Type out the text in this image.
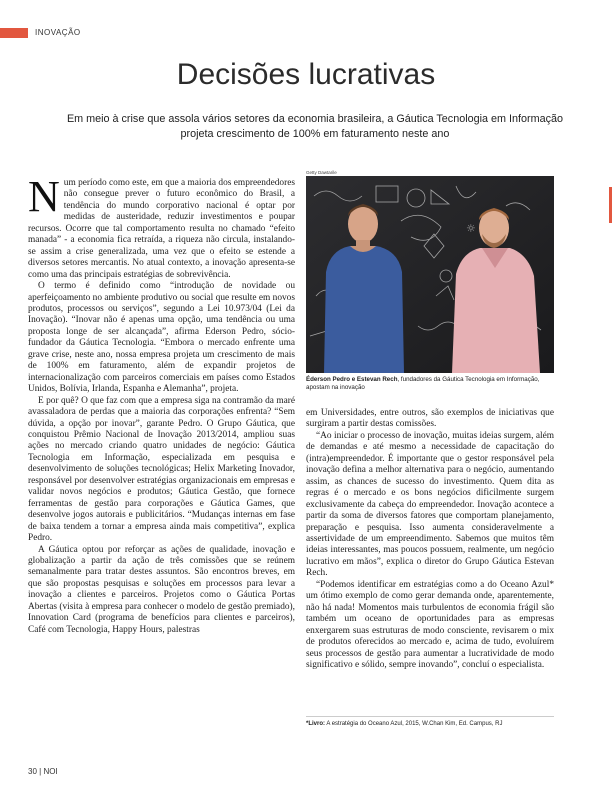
INOVAÇÃO
Decisões lucrativas

Em meio à crise que assola vários setores da economia brasileira, a Gáutica Tecnologia em Informação projeta crescimento de 100% em faturamento neste ano

Num período como este, em que a maioria dos empreendedores não consegue prever o futuro econômico do Brasil, a tendência do mundo corporativo nacional é optar por medidas de austeridade, reduzir investimentos e poupar recursos. Ocorre que tal comportamento resulta no chamado “efeito manada” - a economia fica retraída, a riqueza não circula, instalando-se assim a crise generalizada, uma vez que o efeito se estende a diversos setores mercantis. No atual contexto, a inovação apresenta-se como uma das principais estratégias de sobrevivência.

O termo é definido como “introdução de novidade ou aperfeiçoamento no ambiente produtivo ou social que resulte em novos produtos, processos ou serviços”, segundo a Lei 10.973/04 (Lei da Inovação). “Inovar não é apenas uma opção, uma tendência ou uma proposta longe de ser alcançada”, afirma Ederson Pedro, sócio-fundador da Gáutica Tecnologia. “Embora o mercado enfrente uma grave crise, neste ano, nossa empresa projeta um crescimento de mais de 100% em faturamento, além de expandir projetos de internacionalização com parceiros comerciais em países como Estados Unidos, Bolívia, Irlanda, Espanha e Alemanha”, projeta.

E por quê? O que faz com que a empresa siga na contramão da maré avassaladora de perdas que a maioria das corporações enfrenta? “Sem dúvida, a opção por inovar”, garante Pedro. O Grupo Gáutica, que conquistou Prêmio Nacional de Inovação 2013/2014, ampliou suas ações no mercado criando quatro unidades de negócio: Gáutica Tecnologia em Informação, especializada em pesquisa e desenvolvimento de soluções tecnológicas; Helix Marketing Inovador, responsável por desenvolver estratégias organizacionais em empresas e validar novos negócios e produtos; Gáutica Gestão, que fornece ferramentas de gestão para corporações e Gáutica Games, que desenvolve jogos autorais e publicitários. “Mudanças internas em fase de baixa tendem a tornar a empresa ainda mais competitiva”, explica Pedro.

A Gáutica optou por reforçar as ações de qualidade, inovação e globalização a partir da ação de três comissões que se reúnem semanalmente para tratar destes assuntos. São encontros breves, em que são propostas pesquisas e soluções em processos para levar a inovação a clientes e parceiros. Projetos como o Gáutica Portas Abertas (visita à empresa para conhecer o modelo de gestão premiado), Innovation Card (programa de benefícios para clientes e parceiros), Café com Tecnologia, Happy Hours, palestras

Getty Dawtarile
☼
Éderson Pedro e Estevan Rech, fundadores da Gáutica Tecnologia em Informação, apostam na inovação

em Universidades, entre outros, são exemplos de iniciativas que surgiram a partir destas comissões.

“Ao iniciar o processo de inovação, muitas ideias surgem, além de demandas e até mesmo a necessidade de capacitação do (intra)empreendedor. É importante que o gestor responsável pela inovação defina a melhor alternativa para o negócio, aumentando assim, as chances de sucesso do investimento. Quem dita as regras é o mercado e os bons negócios dificilmente surgem exclusivamente da cabeça do empreendedor. Inovação acontece a partir da soma de diversos fatores que comportam planejamento, preparação e pesquisa. Isso aumenta consideravelmente a assertividade de um empreendimento. Sabemos que muitos têm ideias interessantes, mas poucos possuem, realmente, um negócio lucrativo em mãos”, explica o diretor do Grupo Gáutica Estevan Rech.

“Podemos identificar em estratégias como a do Oceano Azul* um ótimo exemplo de como gerar demanda onde, aparentemente, não há nada! Momentos mais turbulentos de economia frágil são também um oceano de oportunidades para as empresas enxergarem suas estruturas de modo consciente, revisarem o mix de produtos oferecidos ao mercado e, acima de tudo, evoluírem seus processos de gestão para aumentar a lucratividade de modo significativo e sólido, sempre inovando”, concluí o especialista.

*Livro: A estratégia do Oceano Azul, 2015, W.Chan Kim, Ed. Campus, RJ
30 | NOI
